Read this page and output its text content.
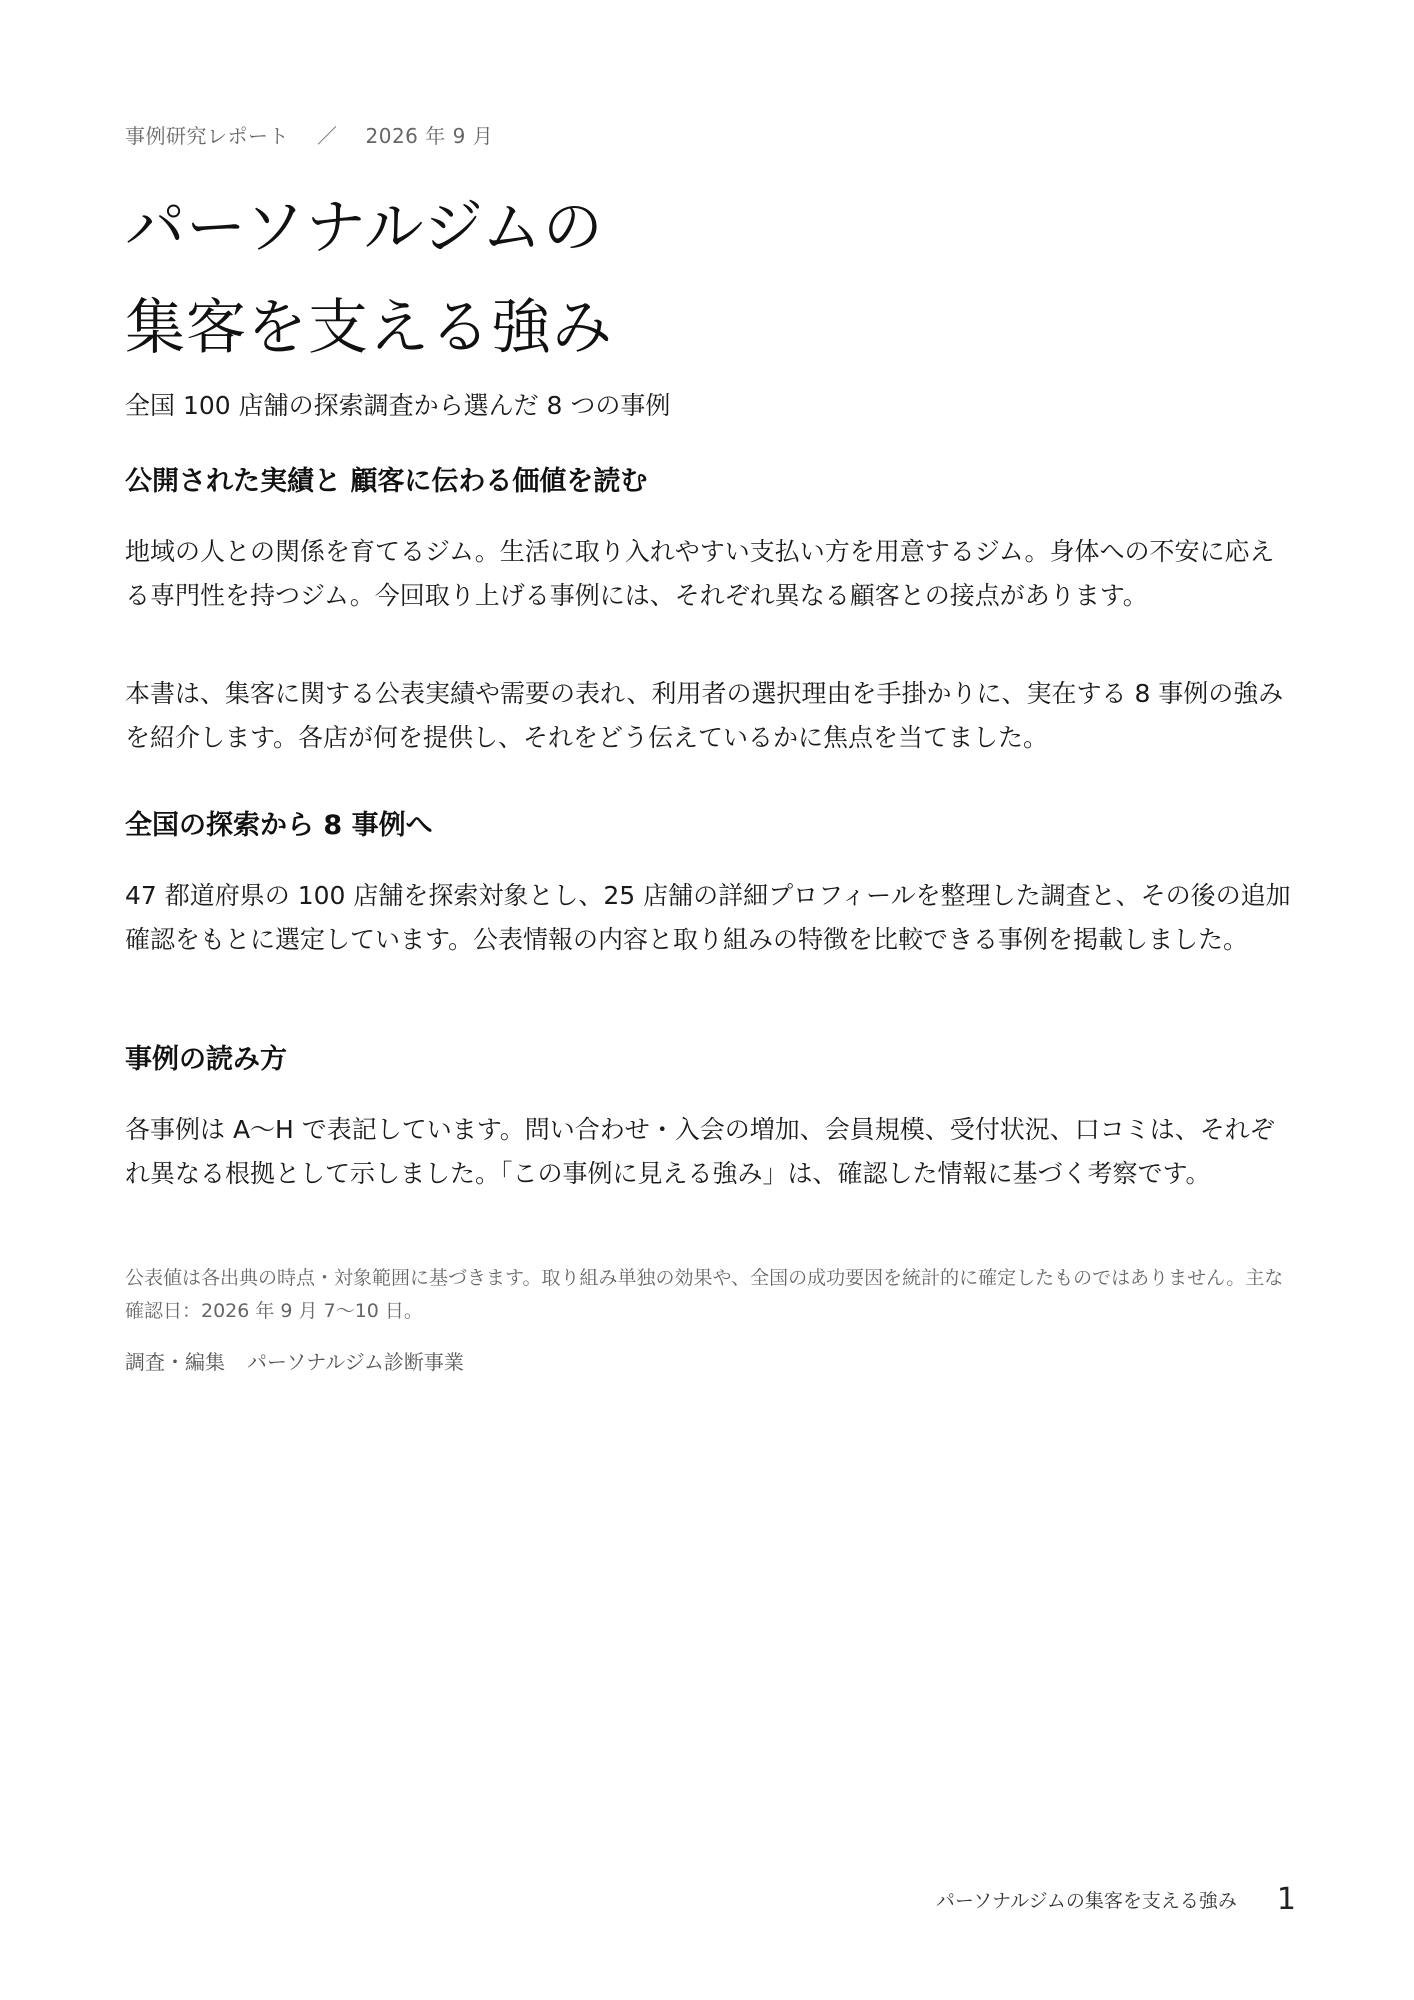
事例研究レポート ／ 2026 年 9 月
パーソナルジムの
集客を支える強み
全国 100 店舗の探索調査から選んだ 8 つの事例
公開された実績と 顧客に伝わる価値を読む

地域の人との関係を育てるジム。生活に取り入れやすい支払い方を用意するジム。身体への不安に応える専門性を持つジム。今回取り上げる事例には、それぞれ異なる顧客との接点があります。

本書は、集客に関する公表実績や需要の表れ、利用者の選択理由を手掛かりに、実在する 8 事例の強みを紹介します。各店が何を提供し、それをどう伝えているかに焦点を当てました。

全国の探索から 8 事例へ

47 都道府県の 100 店舗を探索対象とし、25 店舗の詳細プロフィールを整理した調査と、その後の追加確認をもとに選定しています。公表情報の内容と取り組みの特徴を比較できる事例を掲載しました。

事例の読み方

各事例は A〜H で表記しています。問い合わせ・入会の増加、会員規模、受付状況、口コミは、それぞれ異なる根拠として示しました。「この事例に見える強み」は、確認した情報に基づく考察です。

公表値は各出典の時点・対象範囲に基づきます。取り組み単独の効果や、全国の成功要因を統計的に確定したものではありません。主な確認日：2026 年 9 月 7〜10 日。

調査・編集 パーソナルジム診断事業
パーソナルジムの集客を支える強み 1
